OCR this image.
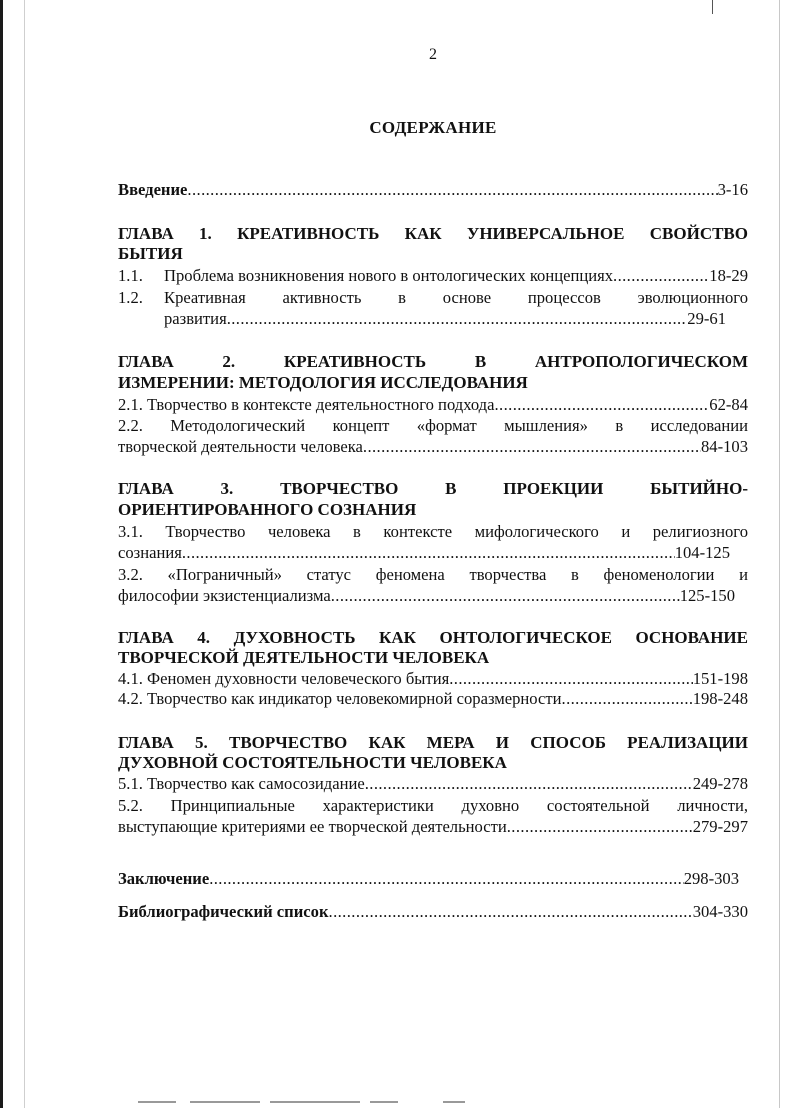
2
СОДЕРЖАНИЕ
Введение .....	3-16
ГЛАВА 1. КРЕАТИВНОСТЬ КАК УНИВЕРСАЛЬНОЕ СВОЙСТВО
БЫТИЯ
1.1. Проблема возникновения нового в онтологических концепциях .....	18-29
1.2. Креативная активность в основе процессов эволюционного
развития .....	29-61
ГЛАВА 2. КРЕАТИВНОСТЬ В АНТРОПОЛОГИЧЕСКОМ
ИЗМЕРЕНИИ: МЕТОДОЛОГИЯ ИССЛЕДОВАНИЯ
2.1. Творчество в контексте деятельностного подхода .....	62-84
2.2. Методологический концепт «формат мышления» в исследовании
творческой деятельности человека .....	84-103
ГЛАВА 3. ТВОРЧЕСТВО В ПРОЕКЦИИ БЫТИЙНО-
ОРИЕНТИРОВАННОГО СОЗНАНИЯ
3.1. Творчество человека в контексте мифологического и религиозного
сознания .....	104-125
3.2. «Пограничный» статус феномена творчества в феноменологии и
философии экзистенциализма .....	125-150
ГЛАВА 4. ДУХОВНОСТЬ КАК ОНТОЛОГИЧЕСКОЕ ОСНОВАНИЕ
ТВОРЧЕСКОЙ ДЕЯТЕЛЬНОСТИ ЧЕЛОВЕКА
4.1. Феномен духовности человеческого бытия .....	151-198
4.2. Творчество как индикатор человекомирной соразмерности .....	198-248
ГЛАВА 5. ТВОРЧЕСТВО КАК МЕРА И СПОСОБ РЕАЛИЗАЦИИ
ДУХОВНОЙ СОСТОЯТЕЛЬНОСТИ ЧЕЛОВЕКА
5.1. Творчество как самосозидание .....	249-278
5.2. Принципиальные характеристики духовно состоятельной личности,
выступающие критериями ее творческой деятельности .....	279-297
Заключение .....	298-303
Библиографический список .....	304-330
